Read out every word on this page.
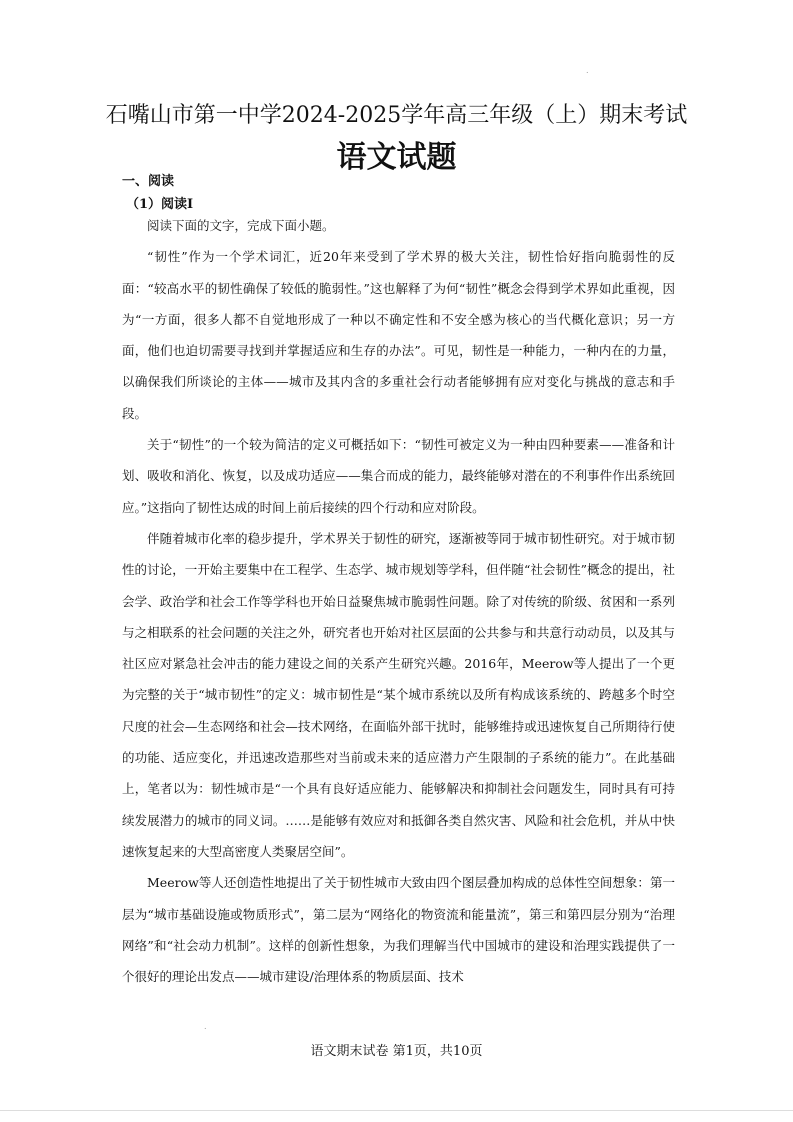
.
石嘴山市第一中学2024-2025学年高三年级（上）期末考试
语文试题
一、阅读
（1）阅读Ⅰ

阅读下面的文字，完成下面小题。

“韧性”作为一个学术词汇，近20年来受到了学术界的极大关注，韧性恰好指向脆弱性的反面：“较高水平的韧性确保了较低的脆弱性。”这也解释了为何“韧性”概念会得到学术界如此重视，因为“一方面，很多人都不自觉地形成了一种以不确定性和不安全感为核心的当代概化意识；另一方面，他们也迫切需要寻找到并掌握适应和生存的办法”。可见，韧性是一种能力，一种内在的力量，以确保我们所谈论的主体——城市及其内含的多重社会行动者能够拥有应对变化与挑战的意志和手段。

关于“韧性”的一个较为简洁的定义可概括如下：“韧性可被定义为一种由四种要素——准备和计划、吸收和消化、恢复，以及成功适应——集合而成的能力，最终能够对潜在的不利事件作出系统回应。”这指向了韧性达成的时间上前后接续的四个行动和应对阶段。

伴随着城市化率的稳步提升，学术界关于韧性的研究，逐渐被等同于城市韧性研究。对于城市韧性的讨论，一开始主要集中在工程学、生态学、城市规划等学科，但伴随“社会韧性”概念的提出，社会学、政治学和社会工作等学科也开始日益聚焦城市脆弱性问题。除了对传统的阶级、贫困和一系列与之相联系的社会问题的关注之外，研究者也开始对社区层面的公共参与和共意行动动员，以及其与社区应对紧急社会冲击的能力建设之间的关系产生研究兴趣。2016年，Meerow等人提出了一个更为完整的关于“城市韧性”的定义：城市韧性是“某个城市系统以及所有构成该系统的、跨越多个时空尺度的社会—生态网络和社会—技术网络，在面临外部干扰时，能够维持或迅速恢复自己所期待行使的功能、适应变化，并迅速改造那些对当前或未来的适应潜力产生限制的子系统的能力”。在此基础上，笔者以为：韧性城市是“一个具有良好适应能力、能够解决和抑制社会问题发生，同时具有可持续发展潜力的城市的同义词。……是能够有效应对和抵御各类自然灾害、风险和社会危机，并从中快速恢复起来的大型高密度人类聚居空间”。

Meerow等人还创造性地提出了关于韧性城市大致由四个图层叠加构成的总体性空间想象：第一层为“城市基础设施或物质形式”，第二层为“网络化的物资流和能量流”，第三和第四层分别为“治理网络”和“社会动力机制”。这样的创新性想象，为我们理解当代中国城市的建设和治理实践提供了一个很好的理论出发点——城市建设/治理体系的物质层面、技术

.
语文期末试卷 第1页，共10页
